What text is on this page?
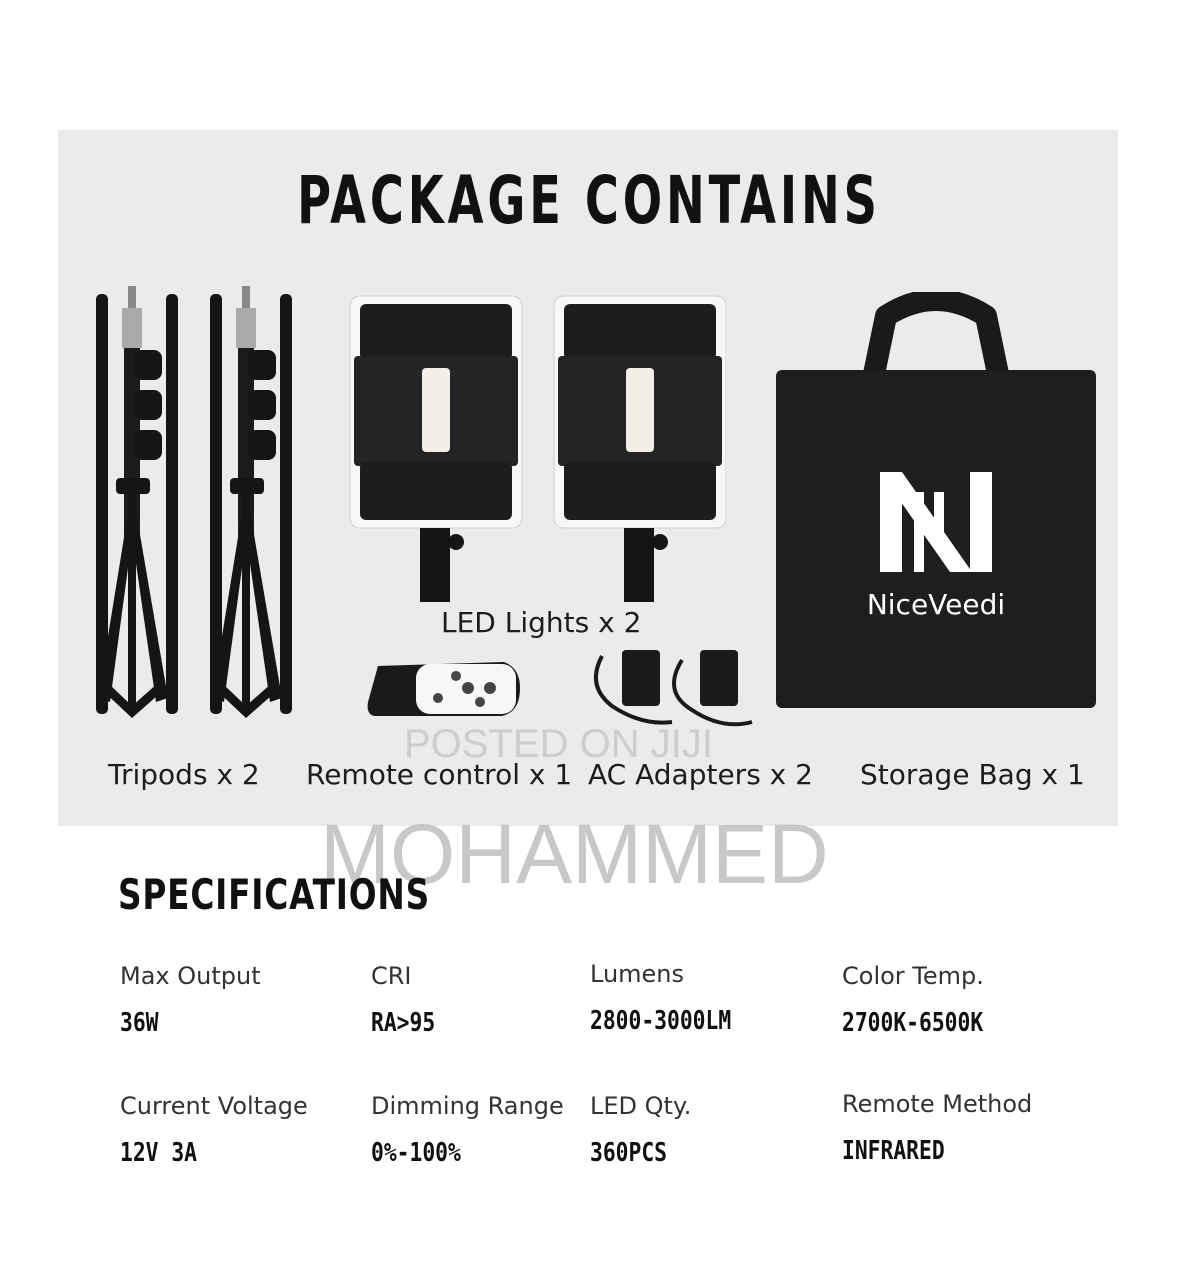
PACKAGE CONTAINS
LED Lights x 2
NiceVeedi
Tripods x 2 Remote control x 1 AC Adapters x 2 Storage Bag x 1
POSTED ON JIJI
MOHAMMED
SPECIFICATIONS
Max Output
36W
CRI
RA>95
Lumens
2800-3000LM
Color Temp.
2700K-6500K
Current Voltage
12V 3A
Dimming Range
0%-100%
LED Qty.
360PCS
Remote Method
INFRARED
